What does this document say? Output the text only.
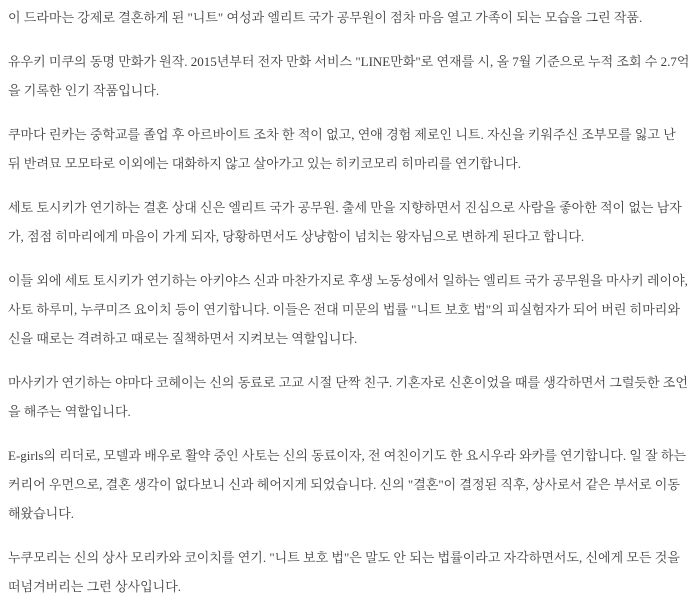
이 드라마는 강제로 결혼하게 된 "니트" 여성과 엘리트 국가 공무원이 점차 마음 열고 가족이 되는 모습을 그린 작품.

유우키 미쿠의 동명 만화가 원작. 2015년부터 전자 만화 서비스 "LINE만화"로 연재를 시, 올 7월 기준으로 누적 조회 수 2.7억을 기록한 인기 작품입니다.

쿠마다 린카는 중학교를 졸업 후 아르바이트 조차 한 적이 없고, 연애 경험 제로인 니트. 자신을 키워주신 조부모를 잃고 난 뒤 반려묘 모모타로 이외에는 대화하지 않고 살아가고 있는 히키코모리 히마리를 연기합니다.

세토 토시키가 연기하는 결혼 상대 신은 엘리트 국가 공무원. 출세 만을 지향하면서 진심으로 사람을 좋아한 적이 없는 남자가, 점점 히마리에게 마음이 가게 되자, 당황하면서도 상냥함이 넘치는 왕자님으로 변하게 된다고 합니다.

이들 외에 세토 토시키가 연기하는 아키야스 신과 마찬가지로 후생 노동성에서 일하는 엘리트 국가 공무원을 마사키 레이야, 사토 하루미, 누쿠미즈 요이치 등이 연기합니다. 이들은 전대 미문의 법률 "니트 보호 법"의 피실험자가 되어 버린 히마리와 신을 때로는 격려하고 때로는 질책하면서 지켜보는 역할입니다.

마사키가 연기하는 야마다 코헤이는 신의 동료로 고교 시절 단짝 친구. 기혼자로 신혼이었을 때를 생각하면서 그럴듯한 조언을 해주는 역할입니다.

E-girls의 리더로, 모델과 배우로 활약 중인 사토는 신의 동료이자, 전 여친이기도 한 요시우라 와카를 연기합니다. 일 잘 하는 커리어 우먼으로, 결혼 생각이 없다보니 신과 헤어지게 되었습니다. 신의 "결혼"이 결정된 직후, 상사로서 같은 부서로 이동해왔습니다.

누쿠모리는 신의 상사 모리카와 코이치를 연기. "니트 보호 법"은 말도 안 되는 법률이라고 자각하면서도, 신에게 모든 것을 떠넘겨버리는 그런 상사입니다.
